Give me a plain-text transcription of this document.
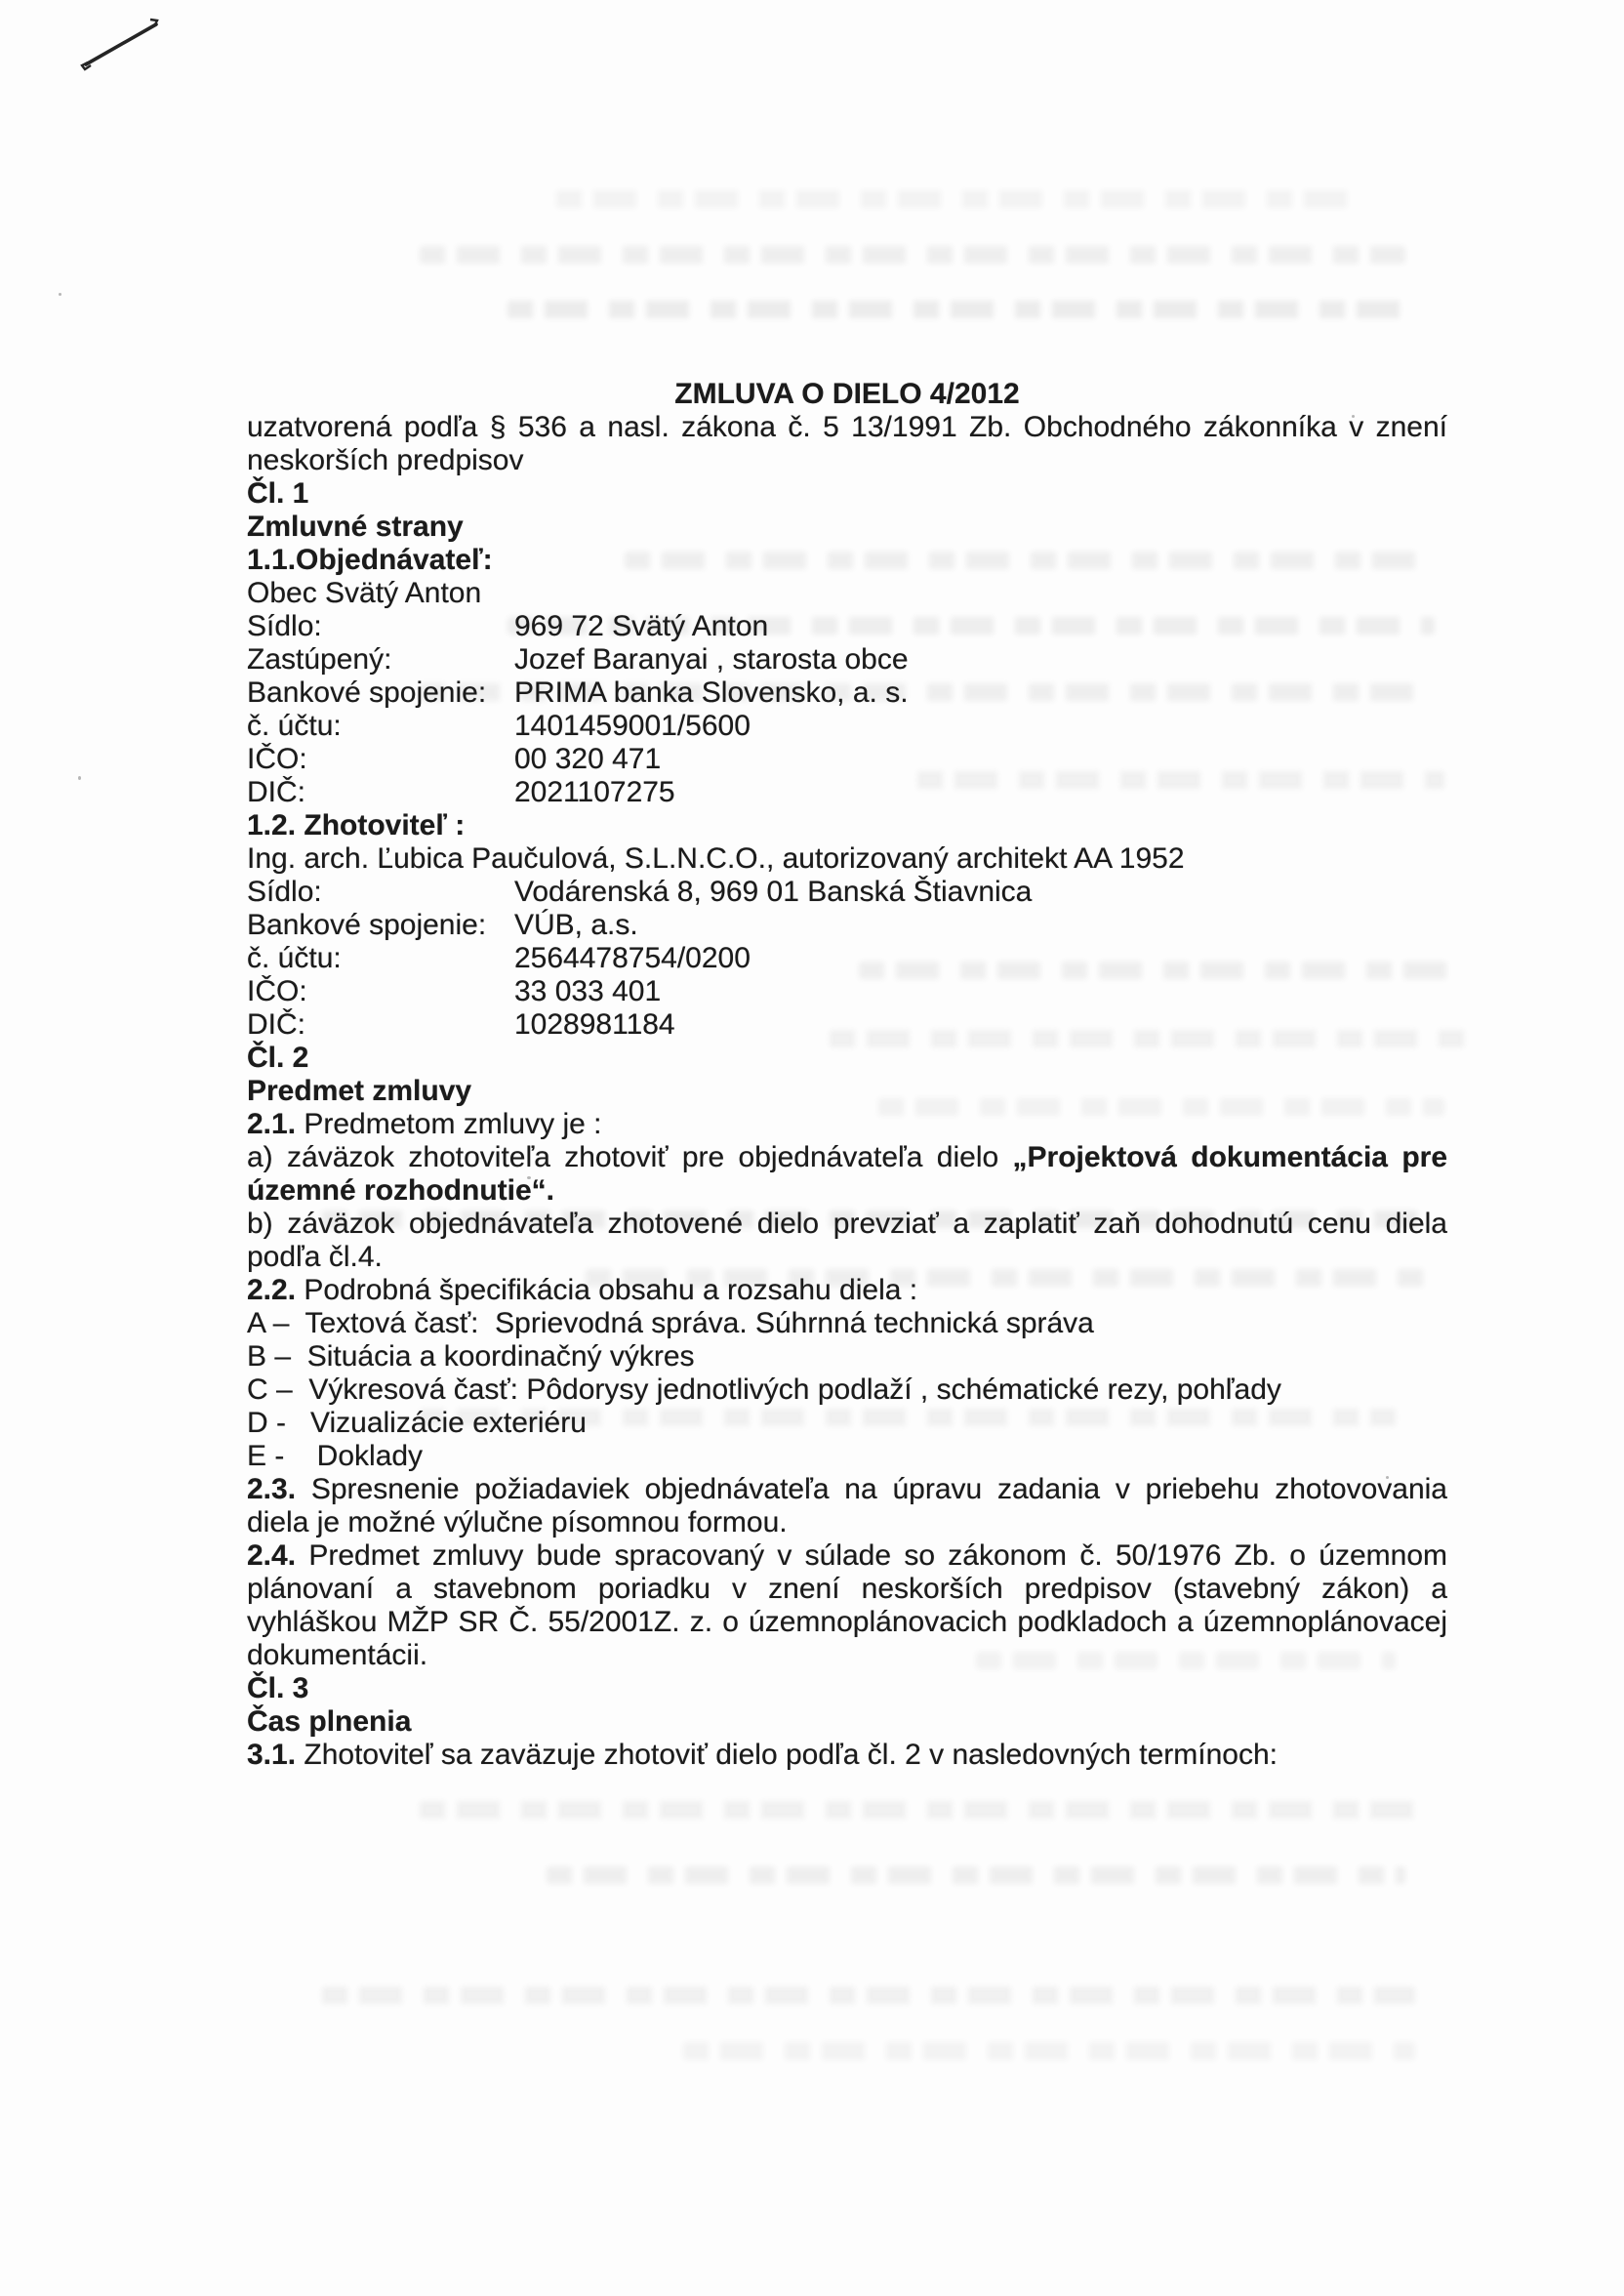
ZMLUVA O DIELO 4/2012

uzatvorená podľa § 536 a nasl. zákona č. 5 13/1991 Zb. Obchodného zákonníka v znení neskorších predpisov

Čl. 1
Zmluvné strany
1.1.Objednávateľ:
Obec Svätý Anton
Sídlo:	969 72 Svätý Anton
Zastúpený:	Jozef Baranyai , starosta obce
Bankové spojenie: PRIMA banka Slovensko, a. s.
č. účtu:	1401459001/5600
IČO:	00 320 471
DIČ:	2021107275
1.2. Zhotoviteľ :
Ing. arch. Ľubica Paučulová, S.L.N.C.O., autorizovaný architekt AA 1952
Sídlo:	Vodárenská 8, 969 01 Banská Štiavnica
Bankové spojenie: VÚB, a.s.
č. účtu:	2564478754/0200
IČO:	33 033 401
DIČ:	1028981184
Čl. 2
Predmet zmluvy

2.1. Predmetom zmluvy je :

a) záväzok zhotoviteľa zhotoviť pre objednávateľa dielo „Projektová dokumentácia pre územné rozhodnutie“.

b) záväzok objednávateľa zhotovené dielo prevziať a zaplatiť zaň dohodnutú cenu diela podľa čl.4.

2.2. Podrobná špecifikácia obsahu a rozsahu diela :

A –  Textová časť:  Sprievodná správa. Súhrnná technická správa
B –  Situácia a koordinačný výkres
C –  Výkresová časť: Pôdorysy jednotlivých podlaží , schématické rezy, pohľady
D -   Vizualizácie exteriéru
E -    Doklady

2.3. Spresnenie požiadaviek objednávateľa na úpravu zadania v priebehu zhotovovania diela je možné výlučne písomnou formou.

2.4. Predmet zmluvy bude spracovaný v súlade so zákonom č. 50/1976 Zb. o územnom plánovaní a stavebnom poriadku v znení neskorších predpisov (stavebný zákon) a vyhláškou MŽP SR Č. 55/2001Z. z. o územnoplánovacich podkladoch a územnoplánovacej dokumentácii.

Čl. 3
Čas plnenia

3.1. Zhotoviteľ sa zaväzuje zhotoviť dielo podľa čl. 2 v nasledovných termínoch:
